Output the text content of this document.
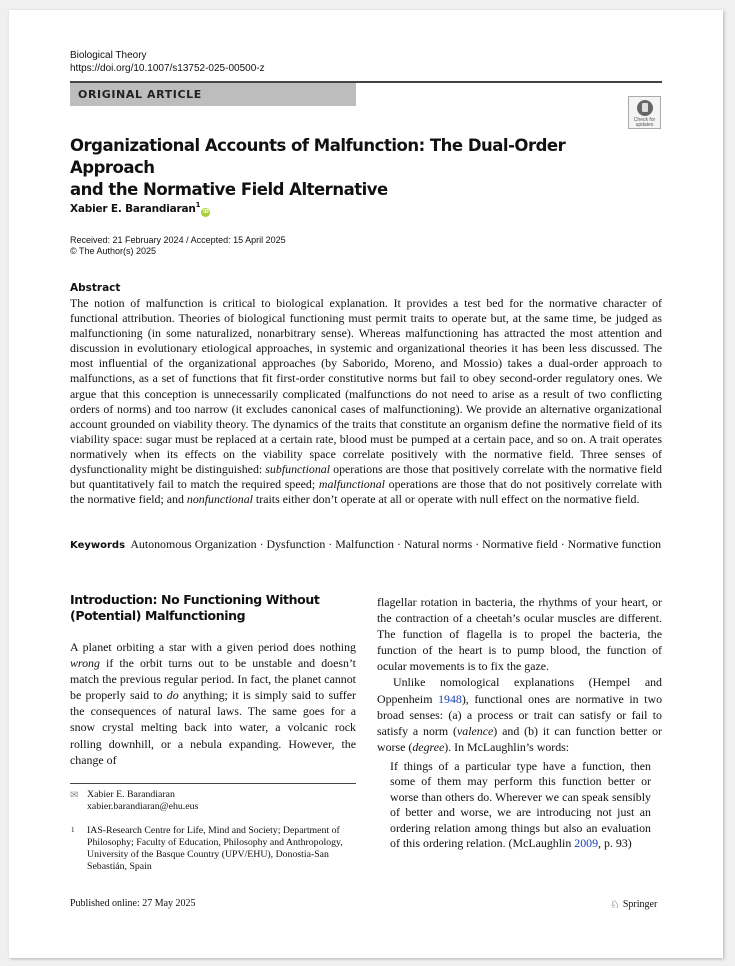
Biological Theory
https://doi.org/10.1007/s13752-025-00500-z
ORIGINAL ARTICLE
Check for
updates
Organizational Accounts of Malfunction: The Dual-Order Approach
and the Normative Field Alternative
Xabier E. Barandiaran$^1$iD
Received: 21 February 2024 / Accepted: 15 April 2025
© The Author(s) 2025
Abstract
The notion of malfunction is critical to biological explanation. It provides a test bed for the normative character of functional attribution. Theories of biological functioning must permit traits to operate but, at the same time, be judged as malfunctioning (in some naturalized, nonarbitrary sense). Whereas malfunctioning has attracted the most attention and discussion in evolutionary etiological approaches, in systemic and organizational theories it has been less discussed. The most influential of the organizational approaches (by Saborido, Moreno, and Mossio) takes a dual-order approach to malfunctions, as a set of functions that fit first-order constitutive norms but fail to obey second-order regulatory ones. We argue that this conception is unnecessarily complicated (malfunctions do not need to arise as a result of two conflicting orders of norms) and too narrow (it excludes canonical cases of malfunctioning). We provide an alternative organizational account grounded on viability theory. The dynamics of the traits that constitute an organism define the normative field of its viability space: sugar must be replaced at a certain rate, blood must be pumped at a certain pace, and so on. A trait operates normatively when its effects on the viability space correlate positively with the normative field. Three senses of dysfunctionality might be distinguished: subfunctional operations are those that positively correlate with the normative field but quantitatively fail to match the required speed; malfunctional operations are those that do not positively correlate with the normative field; and nonfunctional traits either don’t operate at all or operate with null effect on the normative field.
Keywords Autonomous Organization · Dysfunction · Malfunction · Natural norms · Normative field · Normative function
Introduction: No Functioning Without
(Potential) Malfunctioning
A planet orbiting a star with a given period does nothing wrong if the orbit turns out to be unstable and doesn’t match the previous regular period. In fact, the planet cannot be properly said to do anything; it is simply said to suffer the consequences of natural laws. The same goes for a snow crystal melting back into water, a volcanic rock rolling downhill, or a nebula expanding. However, the change of

flagellar rotation in bacteria, the rhythms of your heart, or the contraction of a cheetah’s ocular muscles are different. The function of flagella is to propel the bacteria, the function of the heart is to pump blood, the function of ocular movements is to fix the gaze.

Unlike nomological explanations (Hempel and Oppenheim 1948), functional ones are normative in two broad senses: (a) a process or trait can satisfy or fail to satisfy a norm (valence) and (b) it can function better or worse (degree). In McLaughlin’s words:

If things of a particular type have a function, then some of them may perform this function better or worse than others do. Wherever we can speak sensibly of better and worse, we are introducing not just an ordering relation among things but also an evaluation of this ordering relation. (McLaughlin 2009, p. 93)
✉ Xabier E. Barandiaran
xabier.barandiaran@ehu.eus
1 IAS-Research Centre for Life, Mind and Society; Department of Philosophy; Faculty of Education, Philosophy and Anthropology, University of the Basque Country (UPV/EHU), Donostia-San Sebastián, Spain
Published online: 27 May 2025	♘ Springer
